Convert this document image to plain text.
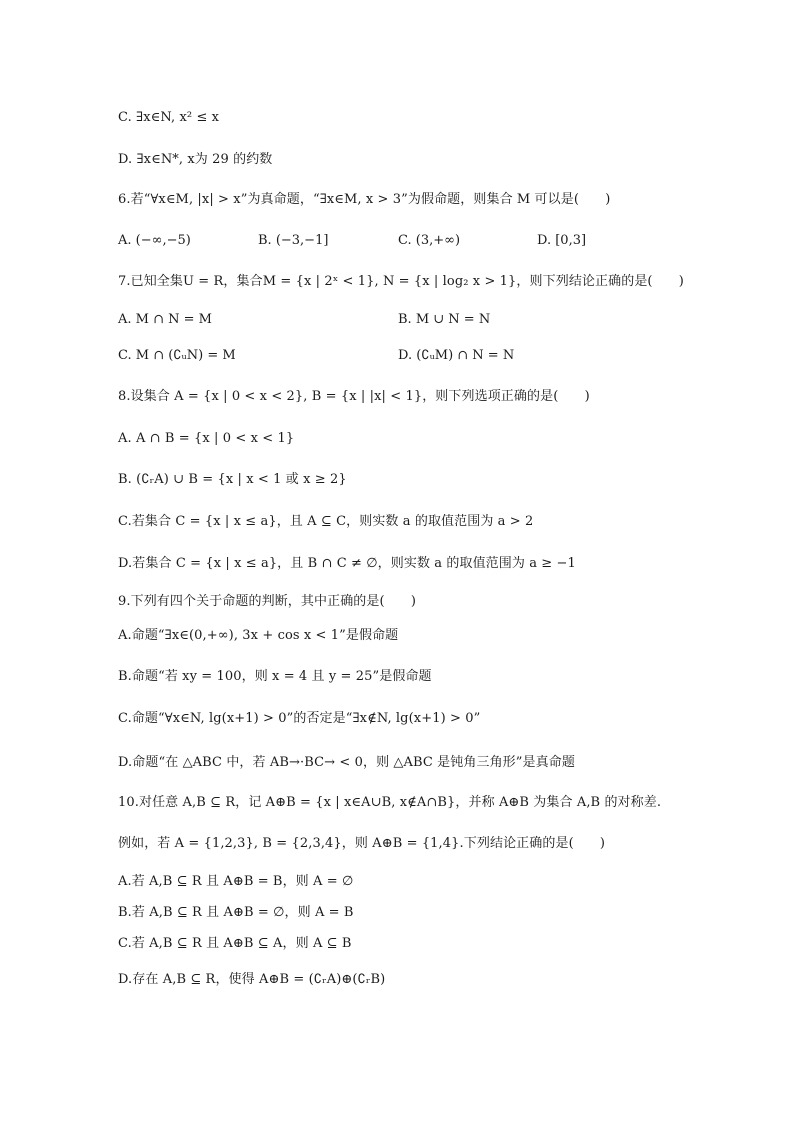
C. ∃x∈N, x² ≤ x
D. ∃x∈N*, x为 29 的约数
6.若“∀x∈M, |x| > x”为真命题，“∃x∈M, x > 3”为假命题，则集合 M 可以是(　　)
A. (−∞,−5)	B. (−3,−1]	C. (3,+∞)	D. [0,3]
7.已知全集U = R，集合M = {x | 2ˣ < 1}, N = {x | log₂ x > 1}，则下列结论正确的是(　　)
A. M ∩ N = M	B. M ∪ N = N
C. M ∩ (∁ᵤN) = M	D. (∁ᵤM) ∩ N = N
8.设集合 A = {x | 0 < x < 2}, B = {x | |x| < 1}，则下列选项正确的是(　　)
A. A ∩ B = {x | 0 < x < 1}
B. (∁ᵣA) ∪ B = {x | x < 1 或 x ≥ 2}
C.若集合 C = {x | x ≤ a}，且 A ⊆ C，则实数 a 的取值范围为 a > 2
D.若集合 C = {x | x ≤ a}，且 B ∩ C ≠ ∅，则实数 a 的取值范围为 a ≥ −1
9.下列有四个关于命题的判断，其中正确的是(　　)
A.命题“∃x∈(0,+∞), 3x + cos x < 1”是假命题
B.命题“若 xy = 100，则 x = 4 且 y = 25”是假命题
C.命题“∀x∈N, lg(x+1) > 0”的否定是“∃x∉N, lg(x+1) > 0”
D.命题“在 △ABC 中，若 AB→·BC→ < 0，则 △ABC 是钝角三角形”是真命题
10.对任意 A,B ⊆ R，记 A⊕B = {x | x∈A∪B, x∉A∩B}，并称 A⊕B 为集合 A,B 的对称差.
例如，若 A = {1,2,3}, B = {2,3,4}，则 A⊕B = {1,4}.下列结论正确的是(　　)
A.若 A,B ⊆ R 且 A⊕B = B，则 A = ∅
B.若 A,B ⊆ R 且 A⊕B = ∅，则 A = B
C.若 A,B ⊆ R 且 A⊕B ⊆ A，则 A ⊆ B
D.存在 A,B ⊆ R，使得 A⊕B = (∁ᵣA)⊕(∁ᵣB)
